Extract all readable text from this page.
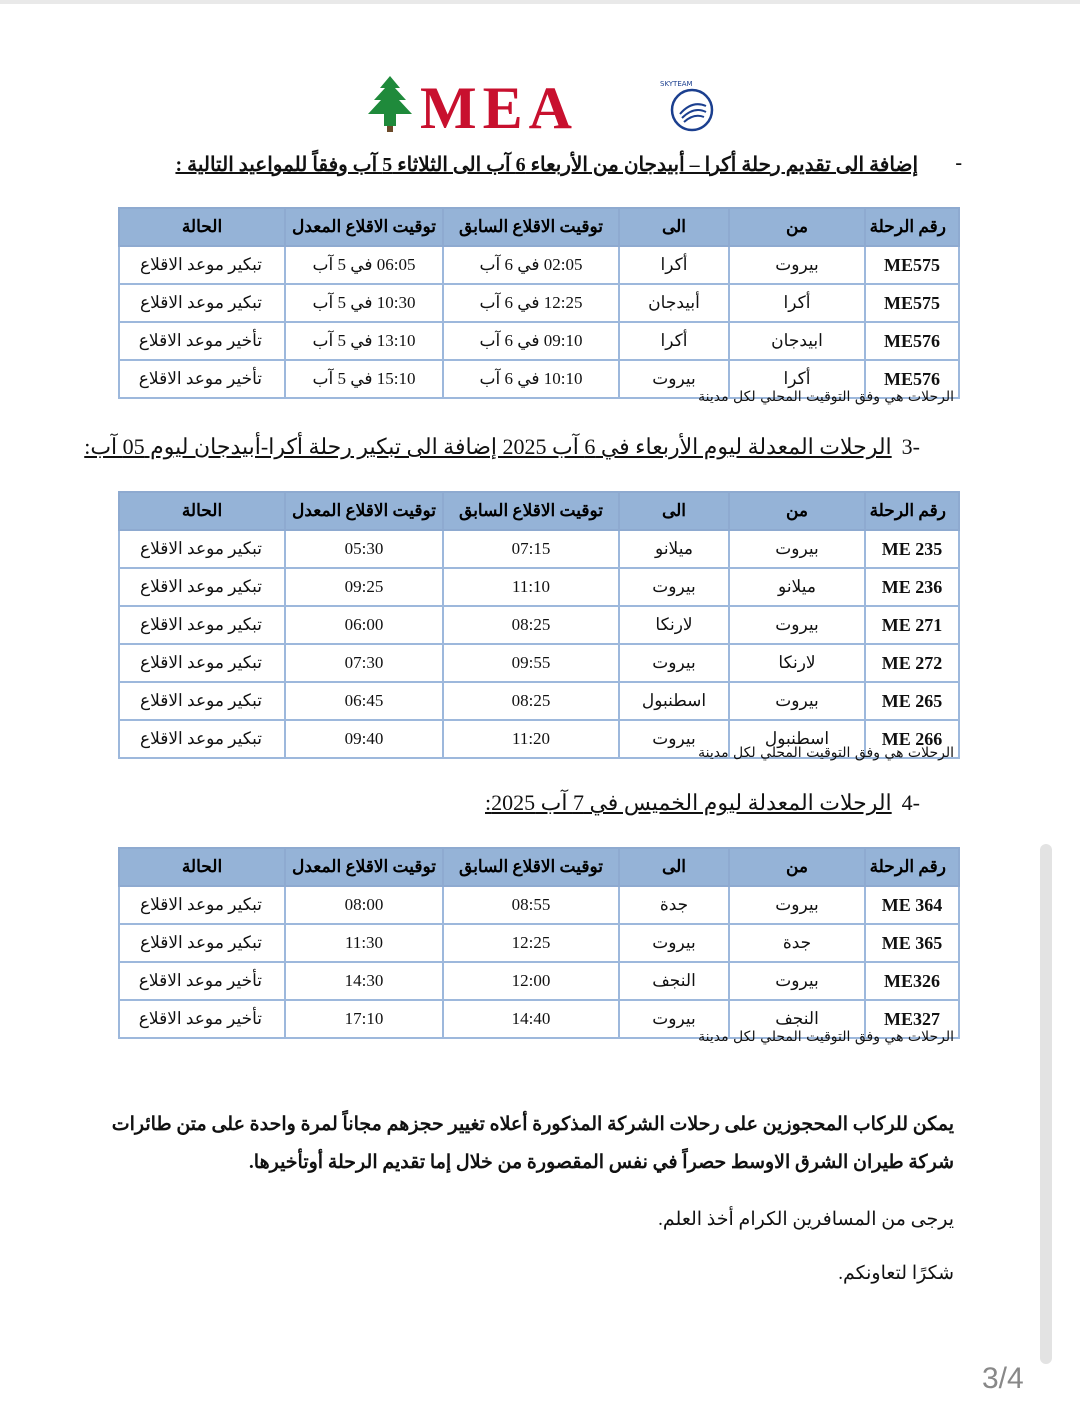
MEA	SKYTEAM
-
إضافة الى تقديم رحلة أكرا – أبيدجان من الأربعاء 6 آب الى الثلاثاء 5 آب وفقاً للمواعيد التالية :
رقم الرحلة	من	الى	توقيت الاقلاع السابق	توقيت الاقلاع المعدل	الحالة
ME575	بيروت	أكرا	02:05 في 6 آب	06:05 في 5 آب	تبكير موعد الاقلاع
ME575	أكرا	أبيدجان	12:25 في 6 آب	10:30 في 5 آب	تبكير موعد الاقلاع
ME576	ابيدجان	أكرا	09:10 في 6 آب	13:10 في 5 آب	تأخير موعد الاقلاع
ME576	أكرا	بيروت	10:10 في 6 آب	15:10 في 5 آب	تأخير موعد الاقلاع
الرحلات هي وفق التوقيت المحلي لكل مدينة
-3الرحلات المعدلة ليوم الأربعاء في 6 آب 2025 إضافة الى تبكير رحلة أكرا-أبيدجان ليوم 05 آب:
رقم الرحلة	من	الى	توقيت الاقلاع السابق	توقيت الاقلاع المعدل	الحالة
ME 235	بيروت	ميلانو	07:15	05:30	تبكير موعد الاقلاع
ME 236	ميلانو	بيروت	11:10	09:25	تبكير موعد الاقلاع
ME 271	بيروت	لارنكا	08:25	06:00	تبكير موعد الاقلاع
ME 272	لارنكا	بيروت	09:55	07:30	تبكير موعد الاقلاع
ME 265	بيروت	اسطنبول	08:25	06:45	تبكير موعد الاقلاع
ME 266	اسطنبول	بيروت	11:20	09:40	تبكير موعد الاقلاع
الرحلات هي وفق التوقيت المحلي لكل مدينة
-4الرحلات المعدلة ليوم الخميس في 7 آب 2025:
رقم الرحلة	من	الى	توقيت الاقلاع السابق	توقيت الاقلاع المعدل	الحالة
ME 364	بيروت	جدة	08:55	08:00	تبكير موعد الاقلاع
ME 365	جدة	بيروت	12:25	11:30	تبكير موعد الاقلاع
ME326	بيروت	النجف	12:00	14:30	تأخير موعد الاقلاع
ME327	النجف	بيروت	14:40	17:10	تأخير موعد الاقلاع
الرحلات هي وفق التوقيت المحلي لكل مدينة
يمكن للركاب المحجوزين على رحلات الشركة المذكورة أعلاه تغيير حجزهم مجاناً لمرة واحدة على متن طائرات
شركة طيران الشرق الاوسط حصراً في نفس المقصورة من خلال إما تقديم الرحلة أوتأخيرها.
يرجى من المسافرين الكرام أخذ العلم.
شكرًا لتعاونكم.
3/4
